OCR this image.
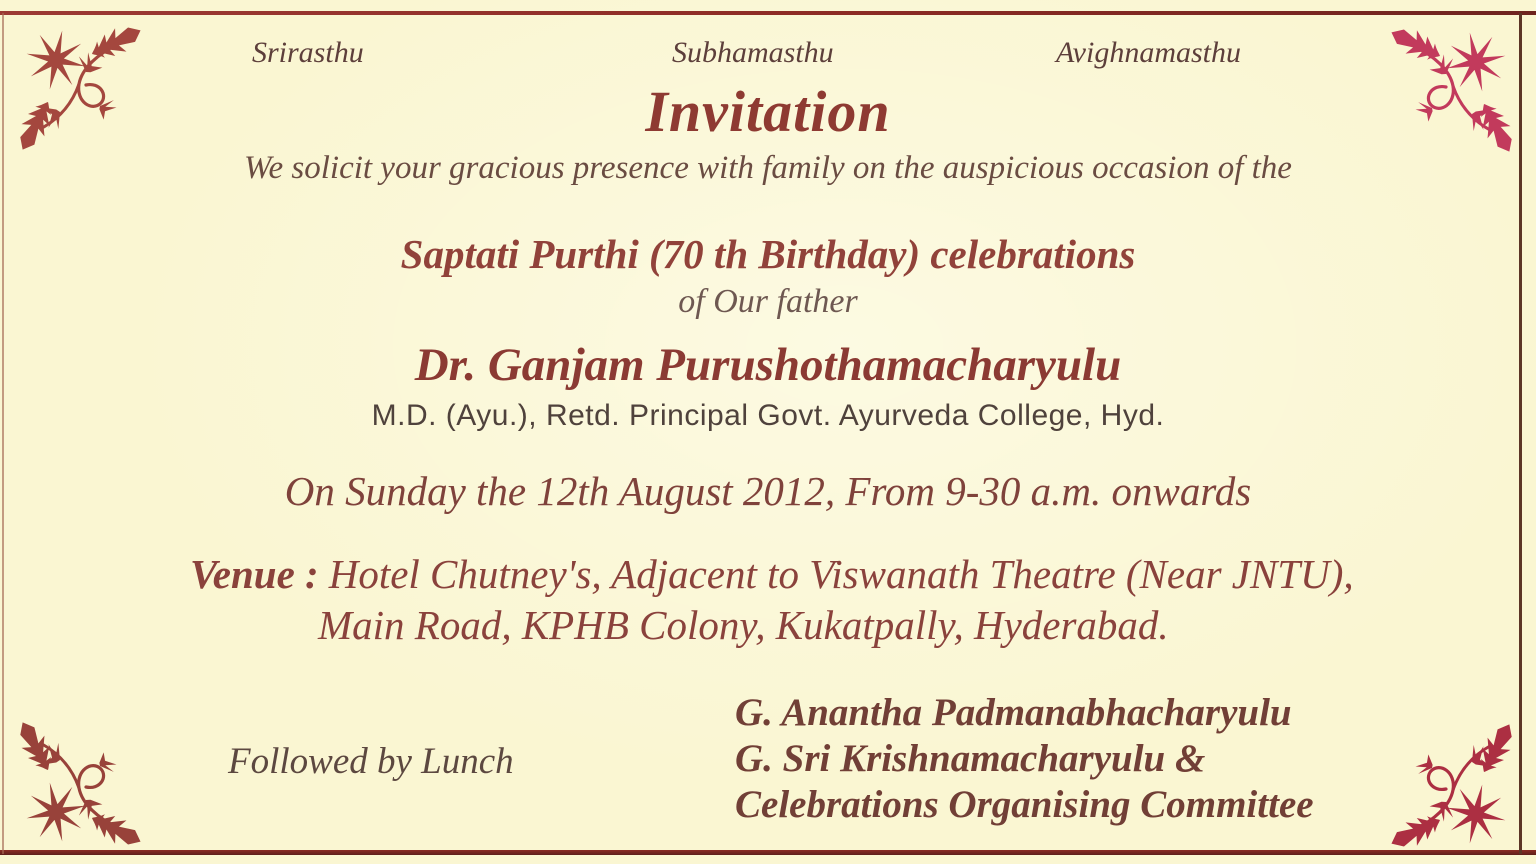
Srirasthu	Subhamasthu	Avighnamasthu
Invitation
We solicit your gracious presence with family on the auspicious occasion of the
Saptati Purthi (70 th Birthday) celebrations
of Our father
Dr. Ganjam Purushothamacharyulu
M.D. (Ayu.), Retd. Principal Govt. Ayurveda College, Hyd.
On Sunday the 12th August 2012, From 9-30 a.m. onwards
Venue : Hotel Chutney's, Adjacent to Viswanath Theatre (Near JNTU),
Main Road, KPHB Colony, Kukatpally, Hyderabad.
Followed by Lunch
G. Anantha Padmanabhacharyulu
G. Sri Krishnamacharyulu &
Celebrations Organising Committee
